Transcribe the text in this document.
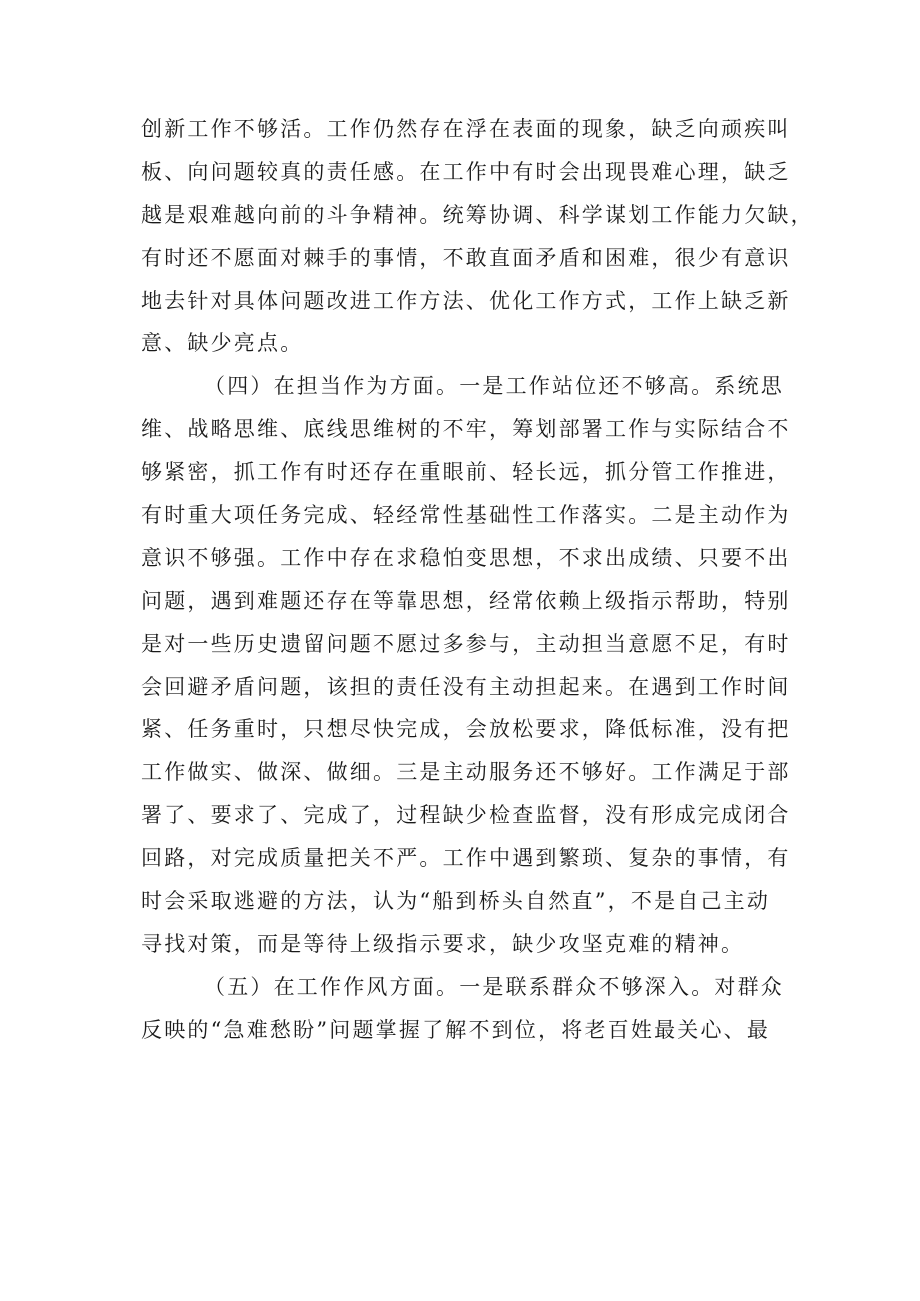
创新工作不够活。工作仍然存在浮在表面的现象，缺乏向顽疾叫
板、向问题较真的责任感。在工作中有时会出现畏难心理，缺乏
越是艰难越向前的斗争精神。统筹协调、科学谋划工作能力欠缺，
有时还不愿面对棘手的事情，不敢直面矛盾和困难，很少有意识
地去针对具体问题改进工作方法、优化工作方式，工作上缺乏新
意、缺少亮点。
（四）在担当作为方面。一是工作站位还不够高。系统思
维、战略思维、底线思维树的不牢，筹划部署工作与实际结合不
够紧密，抓工作有时还存在重眼前、轻长远，抓分管工作推进，
有时重大项任务完成、轻经常性基础性工作落实。二是主动作为
意识不够强。工作中存在求稳怕变思想，不求出成绩、只要不出
问题，遇到难题还存在等靠思想，经常依赖上级指示帮助，特别
是对一些历史遗留问题不愿过多参与，主动担当意愿不足，有时
会回避矛盾问题，该担的责任没有主动担起来。在遇到工作时间
紧、任务重时，只想尽快完成，会放松要求，降低标准，没有把
工作做实、做深、做细。三是主动服务还不够好。工作满足于部
署了、要求了、完成了，过程缺少检查监督，没有形成完成闭合
回路，对完成质量把关不严。工作中遇到繁琐、复杂的事情，有
时会采取逃避的方法，认为“船到桥头自然直”，不是自己主动
寻找对策，而是等待上级指示要求，缺少攻坚克难的精神。
（五）在工作作风方面。一是联系群众不够深入。对群众
反映的“急难愁盼”问题掌握了解不到位，将老百姓最关心、最
